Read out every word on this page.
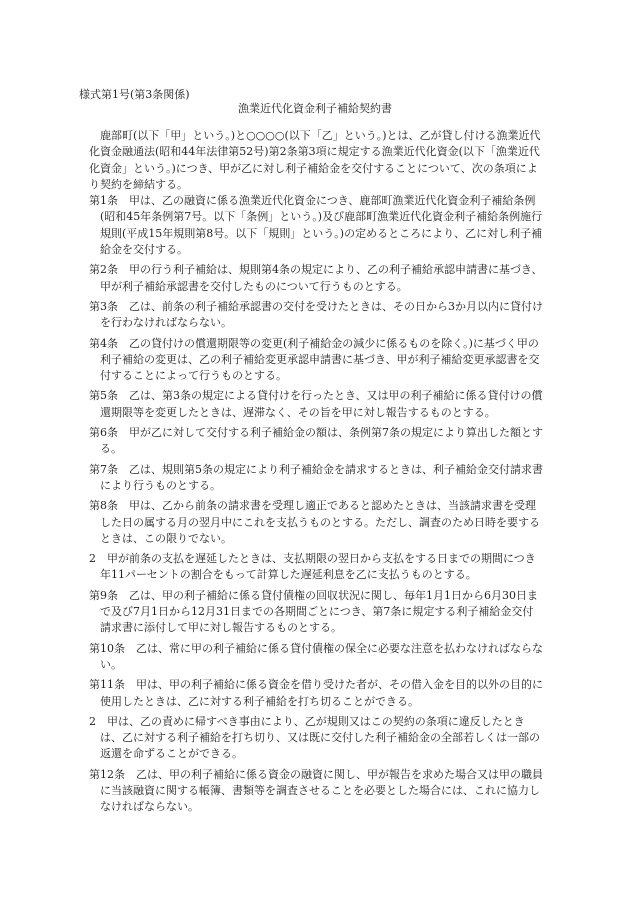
様式第1号(第3条関係)
漁業近代化資金利子補給契約書

鹿部町(以下「甲」という。)と○○○○(以下「乙」という。)とは、乙が貸し付ける漁業近代化資金融通法(昭和44年法律第52号)第2条第3項に規定する漁業近代化資金(以下「漁業近代化資金」という。)につき、甲が乙に対し利子補給金を交付することについて、次の条項により契約を締結する。

第1条　 甲は、乙の融資に係る漁業近代化資金につき、鹿部町漁業近代化資金利子補給条例(昭和45年条例第7号。以下「条例」という。)及び鹿部町漁業近代化資金利子補給条例施行規則(平成15年規則第8号。以下「規則」という。)の定めるところにより、乙に対し利子補給金を交付する。

第2条　 甲の行う利子補給は、規則第4条の規定により、乙の利子補給承認申請書に基づき、甲が利子補給承認書を交付したものについて行うものとする。

第3条　 乙は、前条の利子補給承認書の交付を受けたときは、その日から3か月以内に貸付けを行わなければならない。

第4条　 乙の貸付けの償還期限等の変更(利子補給金の減少に係るものを除く。)に基づく甲の利子補給の変更は、乙の利子補給変更承認申請書に基づき、甲が利子補給変更承認書を交付することによって行うものとする。

第5条　 乙は、第3条の規定による貸付けを行ったとき、又は甲の利子補給に係る貸付けの償還期限等を変更したときは、遅滞なく、その旨を甲に対し報告するものとする。

第6条　 甲が乙に対して交付する利子補給金の額は、条例第7条の規定により算出した額とする。

第7条　 乙は、規則第5条の規定により利子補給金を請求するときは、利子補給金交付請求書により行うものとする。

第8条　 甲は、乙から前条の請求書を受理し適正であると認めたときは、当該請求書を受理した日の属する月の翌月中にこれを支払うものとする。ただし、調査のため日時を要するときは、この限りでない。

2　 甲が前条の支払を遅延したときは、支払期限の翌日から支払をする日までの期間につき年11パーセントの割合をもって計算した遅延利息を乙に支払うものとする。

第9条　 乙は、甲の利子補給に係る貸付債権の回収状況に関し、毎年1月1日から6月30日まで及び7月1日から12月31日までの各期間ごとにつき、第7条に規定する利子補給金交付請求書に添付して甲に対し報告するものとする。

第10条　 乙は、常に甲の利子補給に係る貸付債権の保全に必要な注意を払わなければならない。

第11条　 甲は、甲の利子補給に係る資金を借り受けた者が、その借入金を目的以外の目的に使用したときは、乙に対する利子補給を打ち切ることができる。

2　 甲は、乙の責めに帰すべき事由により、乙が規則又はこの契約の条項に違反したときは、乙に対する利子補給を打ち切り、又は既に交付した利子補給金の全部若しくは一部の返還を命ずることができる。

第12条　 乙は、甲の利子補給に係る資金の融資に関し、甲が報告を求めた場合又は甲の職員に当該融資に関する帳簿、書類等を調査させることを必要とした場合には、これに協力しなければならない。
